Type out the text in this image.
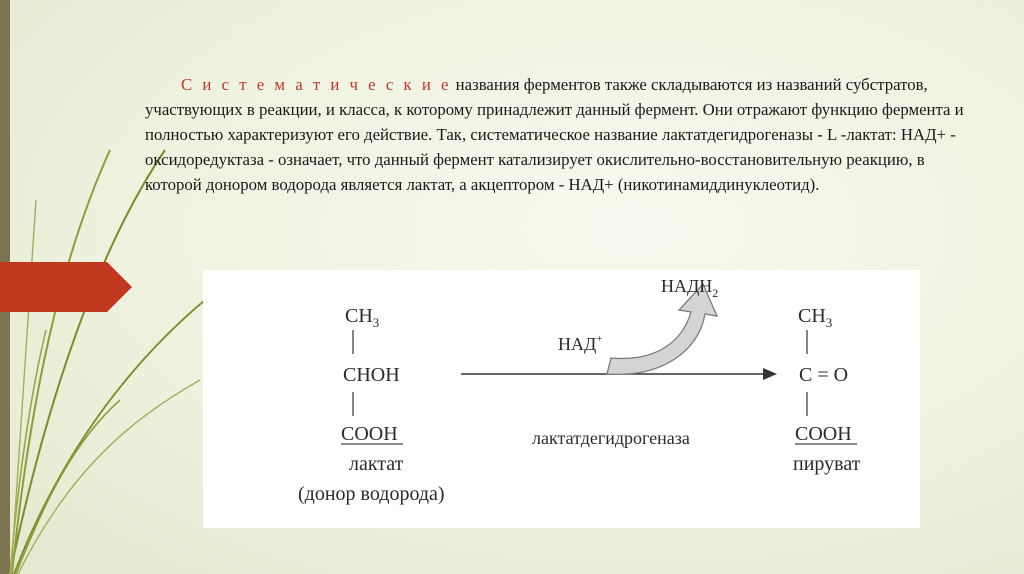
С и с т е м а т и ч е с к и е названия ферментов также складываются из названий субстратов, участвующих в реакции, и класса, к которому принадлежит данный фермент. Они отражают функцию фермента и полностью характеризуют его действие. Так, систематическое название лактатдегидрогеназы - L -лактат: НАД+ - оксидоредуктаза - означает, что данный фермент катализирует окислительно-восстановительную реакцию, в которой донором водорода является лактат, а акцептором - НАД+ (никотинамиддинуклеотид).

$CH_3$
CHOH
COOH
лактат
(донор водорода)
НАД+
$НАДН_2$
лактатдегидрогеназа
$CH_3$
C = O
COOH
пируват
